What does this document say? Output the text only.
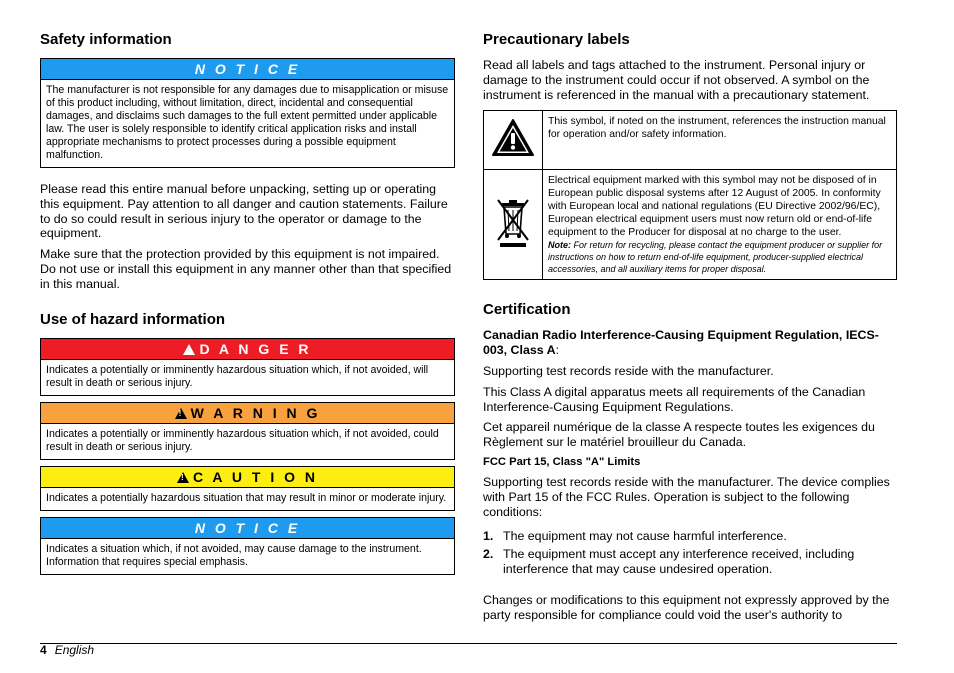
Safety information
N O T I C E
The manufacturer is not responsible for any damages due to misapplication or misuse of this product including, without limitation, direct, incidental and consequential damages, and disclaims such damages to the full extent permitted under applicable law. The user is solely responsible to identify critical application risks and install appropriate mechanisms to protect processes during a possible equipment malfunction.

Please read this entire manual before unpacking, setting up or operating this equipment. Pay attention to all danger and caution statements. Failure to do so could result in serious injury to the operator or damage to the equipment.

Make sure that the protection provided by this equipment is not impaired. Do not use or install this equipment in any manner other than that specified in this manual.

Use of hazard information
!D A N G E R
Indicates a potentially or imminently hazardous situation which, if not avoided, will result in death or serious injury.
!W A R N I N G
Indicates a potentially or imminently hazardous situation which, if not avoided, could result in death or serious injury.
!C A U T I O N
Indicates a potentially hazardous situation that may result in minor or moderate injury.
N O T I C E
Indicates a situation which, if not avoided, may cause damage to the instrument. Information that requires special emphasis.
Precautionary labels

Read all labels and tags attached to the instrument. Personal injury or damage to the instrument could occur if not observed. A symbol on the instrument is referenced in the manual with a precautionary statement.

	This symbol, if noted on the instrument, references the instruction manual for operation and/or safety information.

Electrical equipment marked with this symbol may not be disposed of in European public disposal systems after 12 August of 2005. In conformity with European local and national regulations (EU Directive 2002/96/EC), European electrical equipment users must now return old or end-of-life equipment to the Producer for disposal at no charge to the user.
Note: For return for recycling, please contact the equipment producer or supplier for instructions on how to return end-of-life equipment, producer-supplied electrical accessories, and all auxiliary items for proper disposal.
Certification
Canadian Radio Interference-Causing Equipment Regulation, IECS-003, Class A:

Supporting test records reside with the manufacturer.

This Class A digital apparatus meets all requirements of the Canadian Interference-Causing Equipment Regulations.

Cet appareil numérique de la classe A respecte toutes les exigences du Règlement sur le matériel brouilleur du Canada.

FCC Part 15, Class "A" Limits

Supporting test records reside with the manufacturer. The device complies with Part 15 of the FCC Rules. Operation is subject to the following conditions:

1. The equipment may not cause harmful interference.
2. The equipment must accept any interference received, including interference that may cause undesired operation.

Changes or modifications to this equipment not expressly approved by the party responsible for compliance could void the user's authority to

4 English
